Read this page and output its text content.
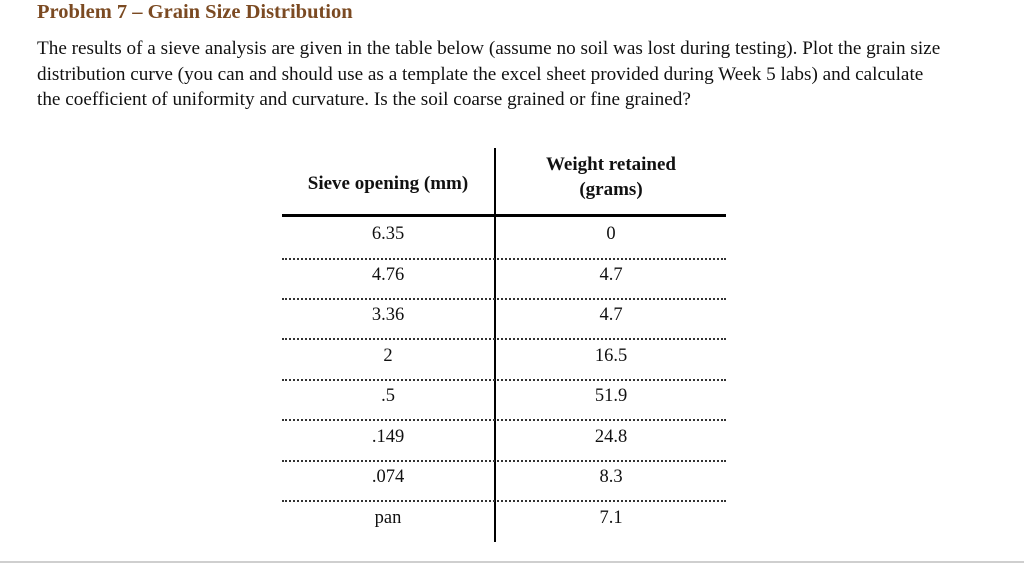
Problem 7 – Grain Size Distribution
The results of a sieve analysis are given in the table below (assume no soil was lost during testing). Plot the grain size
distribution curve (you can and should use as a template the excel sheet provided during Week 5 labs) and calculate
the coefficient of uniformity and curvature. Is the soil coarse grained or fine grained?
Sieve opening (mm)
Weight retained
(grams)
6.35	0
4.76	4.7
3.36	4.7
2	16.5
.5	51.9
.149	24.8
.074	8.3
pan	7.1
